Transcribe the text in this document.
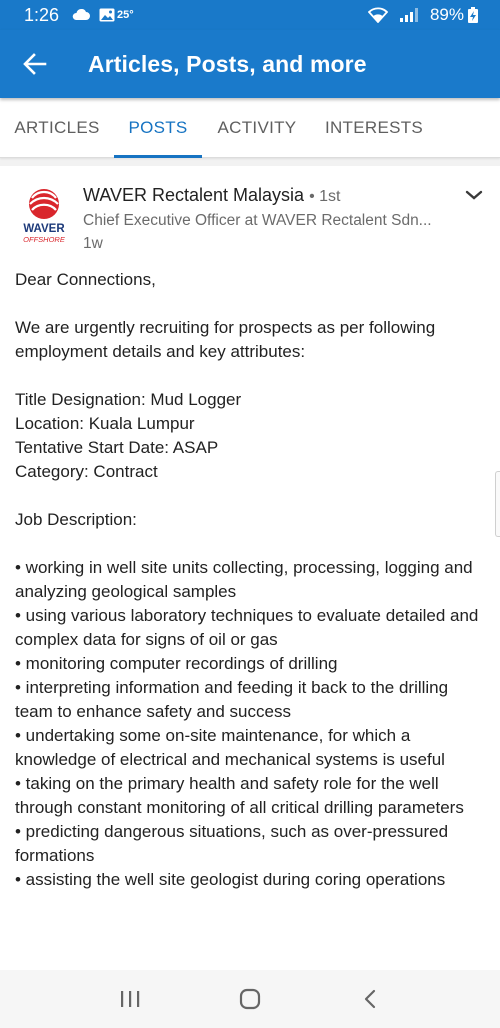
1:26	25°	89%
Articles, Posts, and more
ARTICLES	POSTS	ACTIVITY	INTERESTS
WAVER
OFFSHORE
WAVER Rectalent Malaysia • 1st
Chief Executive Officer at WAVER Rectalent Sdn...
1w

Dear Connections,

We are urgently recruiting for prospects as per following employment details and key attributes:

Title Designation: Mud Logger

Location: Kuala Lumpur

Tentative Start Date: ASAP

Category: Contract

Job Description:

• working in well site units collecting, processing, logging and analyzing geological samples

• using various laboratory techniques to evaluate detailed and complex data for signs of oil or gas

• monitoring computer recordings of drilling

• interpreting information and feeding it back to the drilling team to enhance safety and success

• undertaking some on-site maintenance, for which a knowledge of electrical and mechanical systems is useful

• taking on the primary health and safety role for the well through constant monitoring of all critical drilling parameters

• predicting dangerous situations, such as over-pressured formations

• assisting the well site geologist during coring operations
